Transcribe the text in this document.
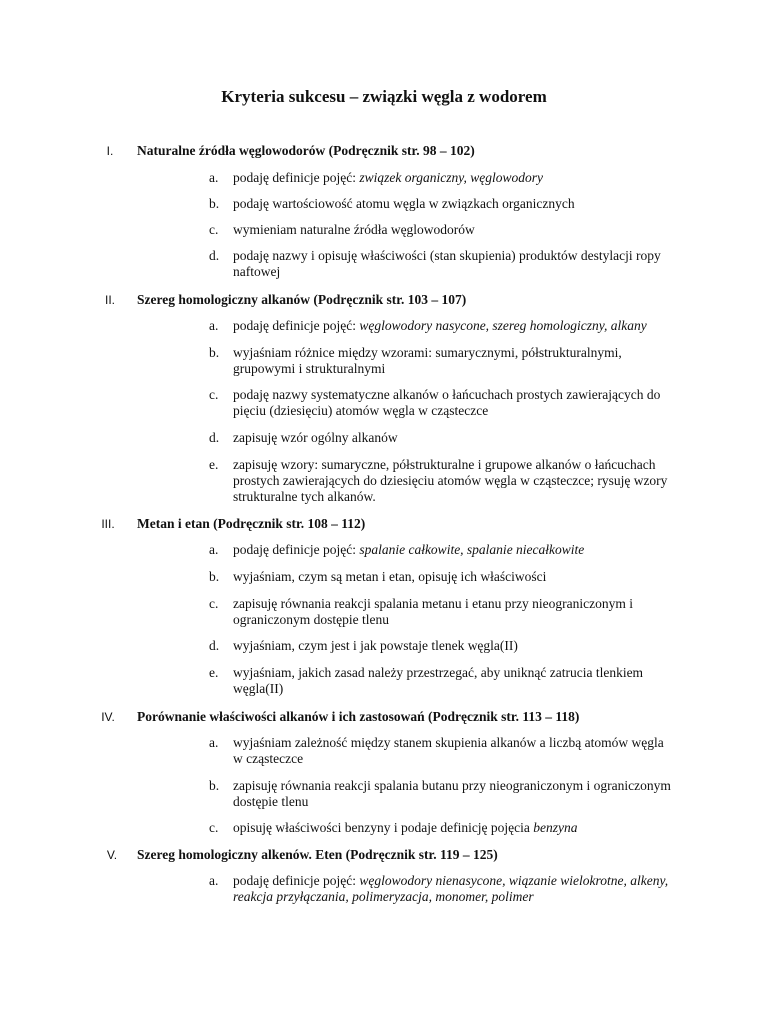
Kryteria sukcesu – związki węgla z wodorem
I.	Naturalne źródła węglowodorów (Podręcznik str. 98 – 102)
a.	podaję definicje pojęć: związek organiczny, węglowodory
b. podaję wartościowość atomu węgla w związkach organicznych
c.	wymieniam naturalne źródła węglowodorów
d. podaję nazwy i opisuję właściwości (stan skupienia) produktów destylacji ropy naftowej
II.	Szereg homologiczny alkanów (Podręcznik str. 103 – 107)
a.	podaję definicje pojęć: węglowodory nasycone, szereg homologiczny, alkany
b. wyjaśniam różnice między wzorami: sumarycznymi, półstrukturalnymi, grupowymi i strukturalnymi
c.	podaję nazwy systematyczne alkanów o łańcuchach prostych zawierających do pięciu (dziesięciu) atomów węgla w cząsteczce
d. zapisuję wzór ogólny alkanów
e.	zapisuję wzory: sumaryczne, półstrukturalne i grupowe alkanów o łańcuchach prostych zawierających do dziesięciu atomów węgla w cząsteczce; rysuję wzory strukturalne tych alkanów.
III.	Metan i etan (Podręcznik str. 108 – 112)
a.	podaję definicje pojęć: spalanie całkowite, spalanie niecałkowite
b. wyjaśniam, czym są metan i etan, opisuję ich właściwości
c.	zapisuję równania reakcji spalania metanu i etanu przy nieograniczonym i ograniczonym dostępie tlenu
d. wyjaśniam, czym jest i jak powstaje tlenek węgla(II)
e.	wyjaśniam, jakich zasad należy przestrzegać, aby uniknąć zatrucia tlenkiem węgla(II)
IV.	Porównanie właściwości alkanów i ich zastosowań (Podręcznik str. 113 – 118)
a.	wyjaśniam zależność między stanem skupienia alkanów a liczbą atomów węgla w cząsteczce
b. zapisuję równania reakcji spalania butanu przy nieograniczonym i ograniczonym dostępie tlenu
c.	opisuję właściwości benzyny i podaje definicję pojęcia benzyna
V.	Szereg homologiczny alkenów. Eten (Podręcznik str. 119 – 125)
a.	podaję definicje pojęć: węglowodory nienasycone, wiązanie wielokrotne, alkeny, reakcja przyłączania, polimeryzacja, monomer, polimer
